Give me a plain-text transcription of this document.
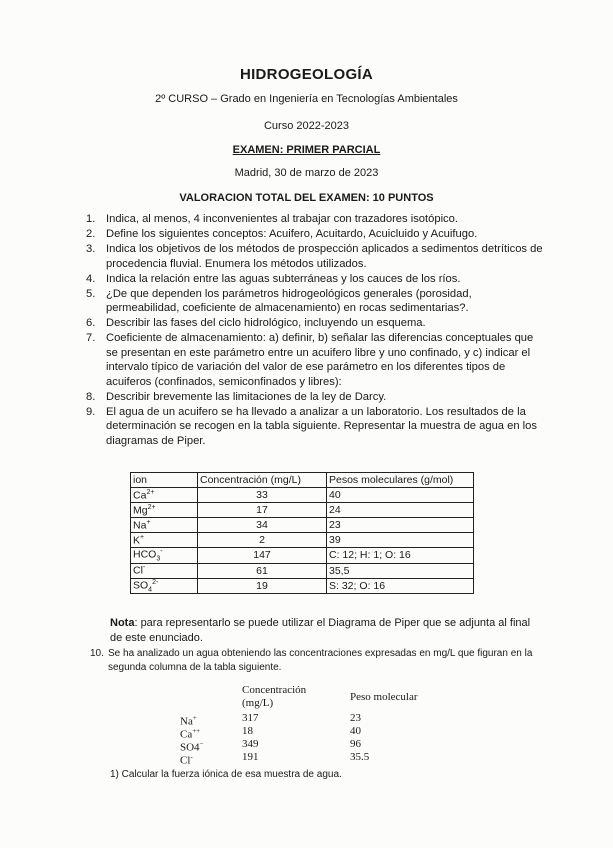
HIDROGEOLOGÍA
2º CURSO – Grado en Ingeniería en Tecnologías Ambientales
Curso 2022-2023
EXAMEN: PRIMER PARCIAL
Madrid, 30 de marzo de 2023
VALORACION TOTAL DEL EXAMEN: 10 PUNTOS
1. Indica, al menos, 4 inconvenientes al trabajar con trazadores isotópico.
2. Define los siguientes conceptos: Acuifero, Acuitardo, Acuicluido y Acuifugo.
3. Indica los objetivos de los métodos de prospección aplicados a sedimentos detríticos de procedencia fluvial. Enumera los métodos utilizados.
4. Indica la relación entre las aguas subterráneas y los cauces de los ríos.
5. ¿De que dependen los parámetros hidrogeológicos generales (porosidad, permeabilidad, coeficiente de almacenamiento) en rocas sedimentarias?.
6. Describir las fases del ciclo hidrológico, incluyendo un esquema.
7. Coeficiente de almacenamiento: a) definir, b) señalar las diferencias conceptuales que se presentan en este parámetro entre un acuifero libre y uno confinado, y c) indicar el intervalo típico de variación del valor de ese parámetro en los diferentes tipos de acuiferos (confinados, semiconfinados y libres):
8. Describir brevemente las limitaciones de la ley de Darcy.
9. El agua de un acuifero se ha llevado a analizar a un laboratorio. Los resultados de la determinación se recogen en la tabla siguiente. Representar la muestra de agua en los diagramas de Piper.
ion	Concentración (mg/L)	Pesos moleculares (g/mol)
$Ca^{2+}$	33	40
$Mg^{2+}$	17	24
Na+	34	23
K+	2	39
$HCO_3^-$	147	C: 12; H: 1; O: 16
Cl-	61	35,5
$SO_4^{2-}$	19	S: 32; O: 16
Nota: para representarlo se puede utilizar el Diagrama de Piper que se adjunta al final de este enunciado.
10. Se ha analizado un agua obteniendo las concentraciones expresadas en mg/L que figuran en la segunda columna de la tabla siguiente.
Concentración
(mg/L)	Peso molecular
Na+	317	23
Ca++	18	40
SO4−	349	96
Cl-	191	35.5
1) Calcular la fuerza iónica de esa muestra de agua.
